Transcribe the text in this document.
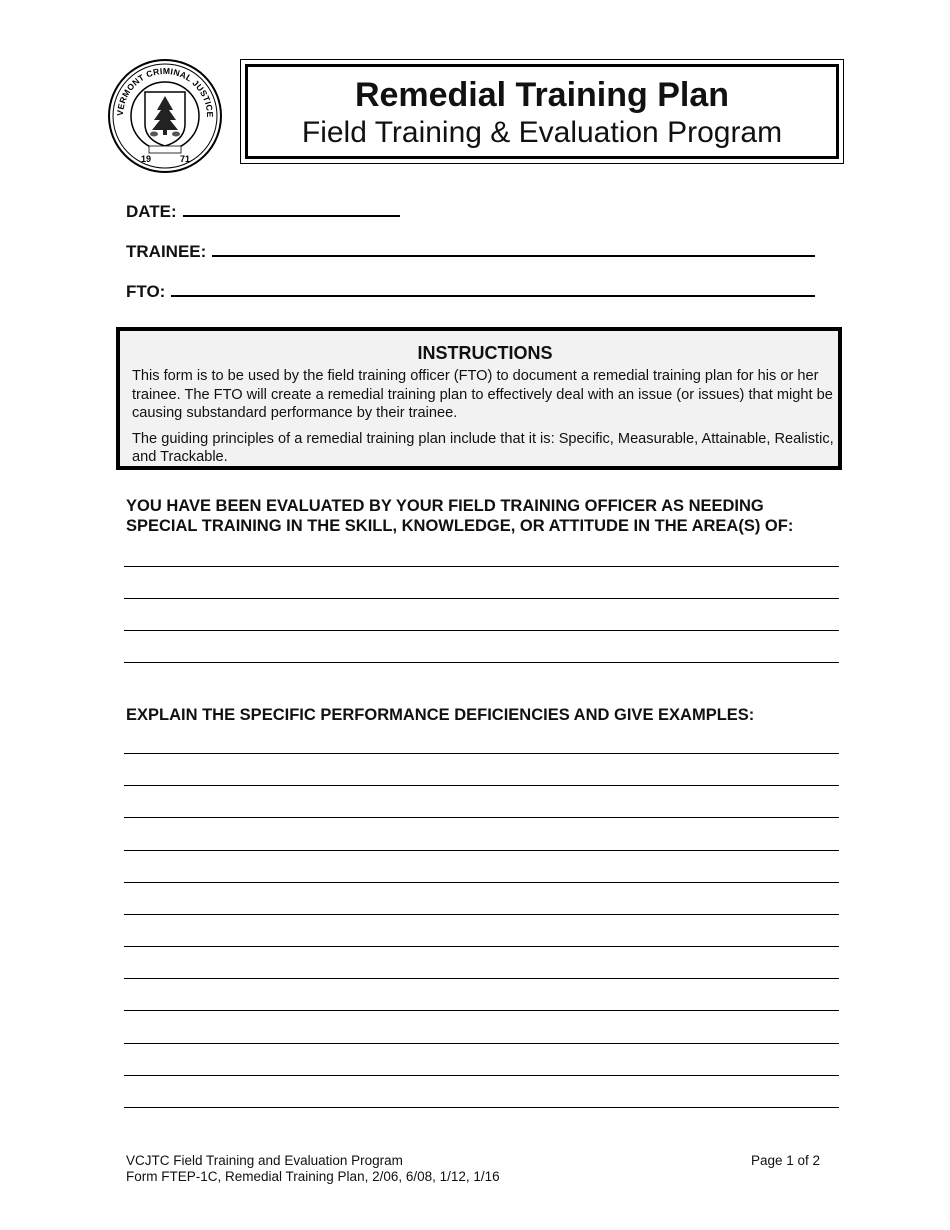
VERMONT CRIMINAL JUSTICE
19	71
Remedial Training Plan
Field Training & Evaluation Program
DATE:
TRAINEE:
FTO:
INSTRUCTIONS

This form is to be used by the field training officer (FTO) to document a remedial training plan for his or her trainee. The FTO will create a remedial training plan to effectively deal with an issue (or issues) that might be causing substandard performance by their trainee.

The guiding principles of a remedial training plan include that it is: Specific, Measurable, Attainable, Realistic, and Trackable.

YOU HAVE BEEN EVALUATED BY YOUR FIELD TRAINING OFFICER AS NEEDING SPECIAL TRAINING IN THE SKILL, KNOWLEDGE, OR ATTITUDE IN THE AREA(S) OF:
EXPLAIN THE SPECIFIC PERFORMANCE DEFICIENCIES AND GIVE EXAMPLES:
VCJTC Field Training and Evaluation Program
Form FTEP-1C, Remedial Training Plan, 2/06, 6/08, 1/12, 1/16
Page 1 of 2
